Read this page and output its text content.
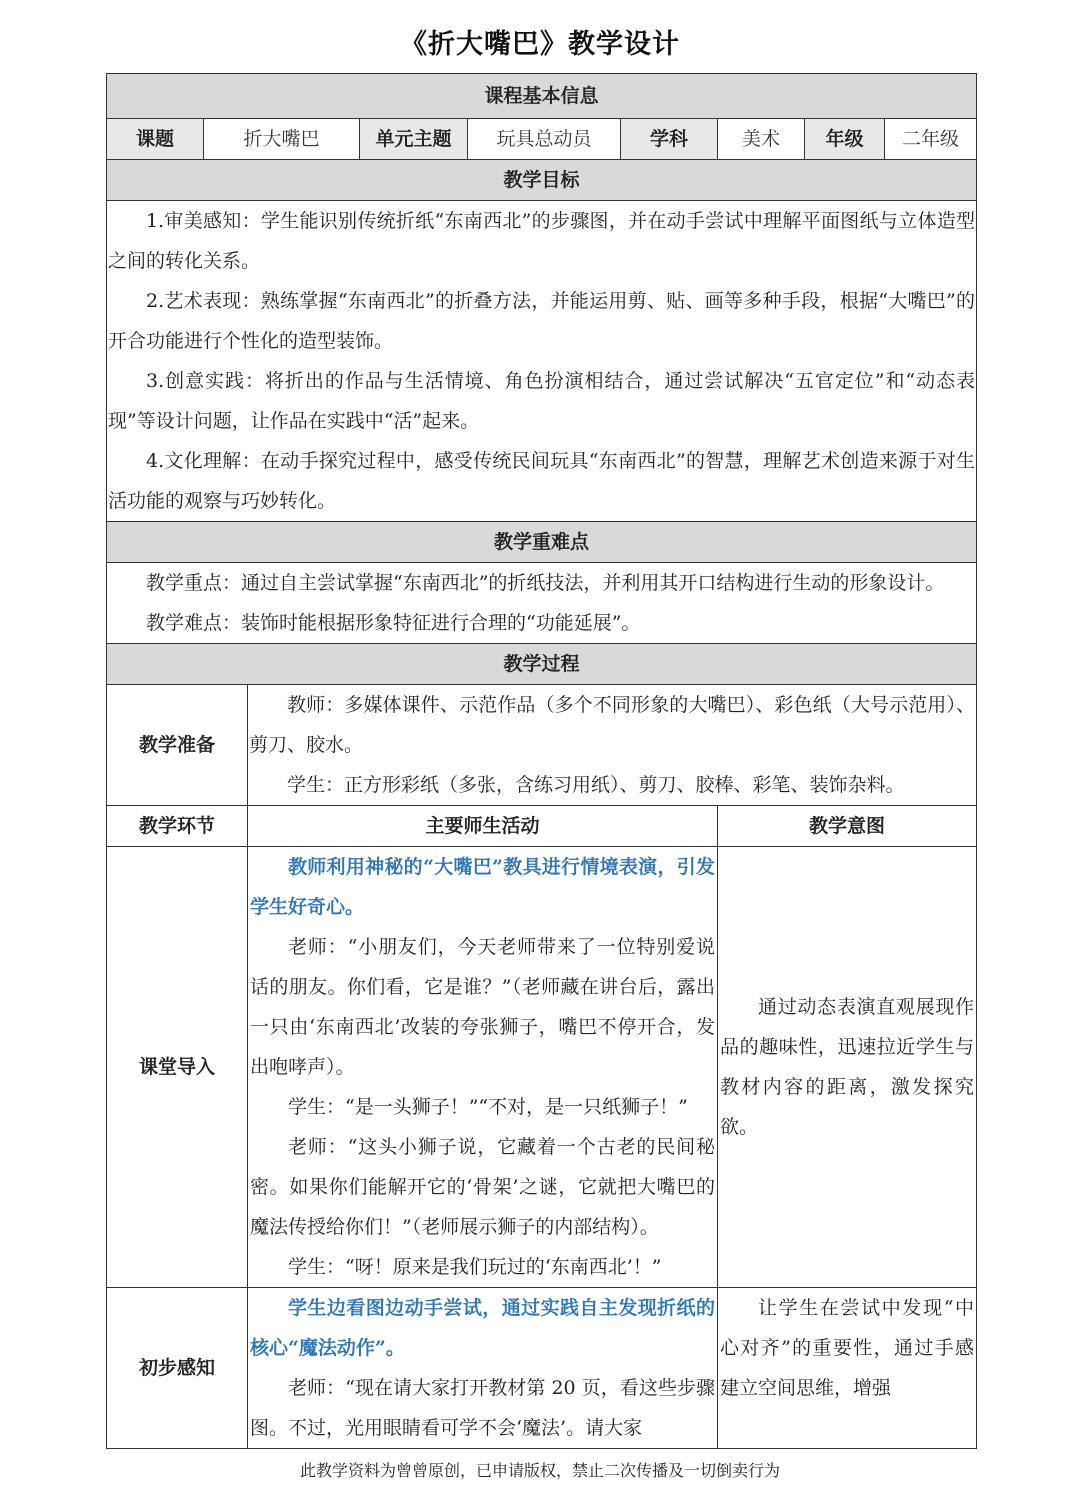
《折大嘴巴》教学设计
课程基本信息								
课题	折大嘴巴		单元主题	玩具总动员	学科	美术	年级	二年级
教学目标								

1.审美感知：学生能识别传统折纸“东南西北”的步骤图，并在动手尝试中理解平面图纸与立体造型之间的转化关系。

2.艺术表现：熟练掌握“东南西北”的折叠方法，并能运用剪、贴、画等多种手段，根据“大嘴巴”的开合功能进行个性化的造型装饰。

3.创意实践：将折出的作品与生活情境、角色扮演相结合，通过尝试解决“五官定位”和“动态表现”等设计问题，让作品在实践中“活”起来。

4.文化理解：在动手探究过程中，感受传统民间玩具“东南西北”的智慧，理解艺术创造来源于对生活功能的观察与巧妙转化。								

教学重难点								

教学重点：通过自主尝试掌握“东南西北”的折纸技法，并利用其开口结构进行生动的形象设计。

教学难点：装饰时能根据形象特征进行合理的“功能延展”。								

教学过程								
教学准备		教师：多媒体课件、示范作品（多个不同形象的大嘴巴）、彩色纸（大号示范用）、剪刀、胶水。

学生：正方形彩纸（多张，含练习用纸）、剪刀、胶棒、彩笔、装饰杂料。						

教学环节		主要师生活动				教学意图		
课堂导入		教师利用神秘的“大嘴巴”教具进行情境表演，引发学生好奇心。

老师：“小朋友们，今天老师带来了一位特别爱说话的朋友。你们看，它是谁？”（老师藏在讲台后，露出一只由‘东南西北’改装的夸张狮子，嘴巴不停开合，发出咆哮声）。

学生：“是一头狮子！”“不对，是一只纸狮子！”

老师：“这头小狮子说，它藏着一个古老的民间秘密。如果你们能解开它的‘骨架’之谜，它就把大嘴巴的魔法传授给你们！”（老师展示狮子的内部结构）。

学生：“呀！原来是我们玩过的‘东南西北’！”				通过动态表演直观展现作品的趣味性，迅速拉近学生与教材内容的距离，激发探究欲。		

初步感知		学生边看图边动手尝试，通过实践自主发现折纸的核心“魔法动作”。

老师：“现在请大家打开教材第 20 页，看这些步骤图。不过，光用眼睛看可学不会‘魔法’。请大家				让学生在尝试中发现“中心对齐”的重要性，通过手感建立空间思维，增强		

此教学资料为曾曾原创，已申请版权，禁止二次传播及一切倒卖行为
